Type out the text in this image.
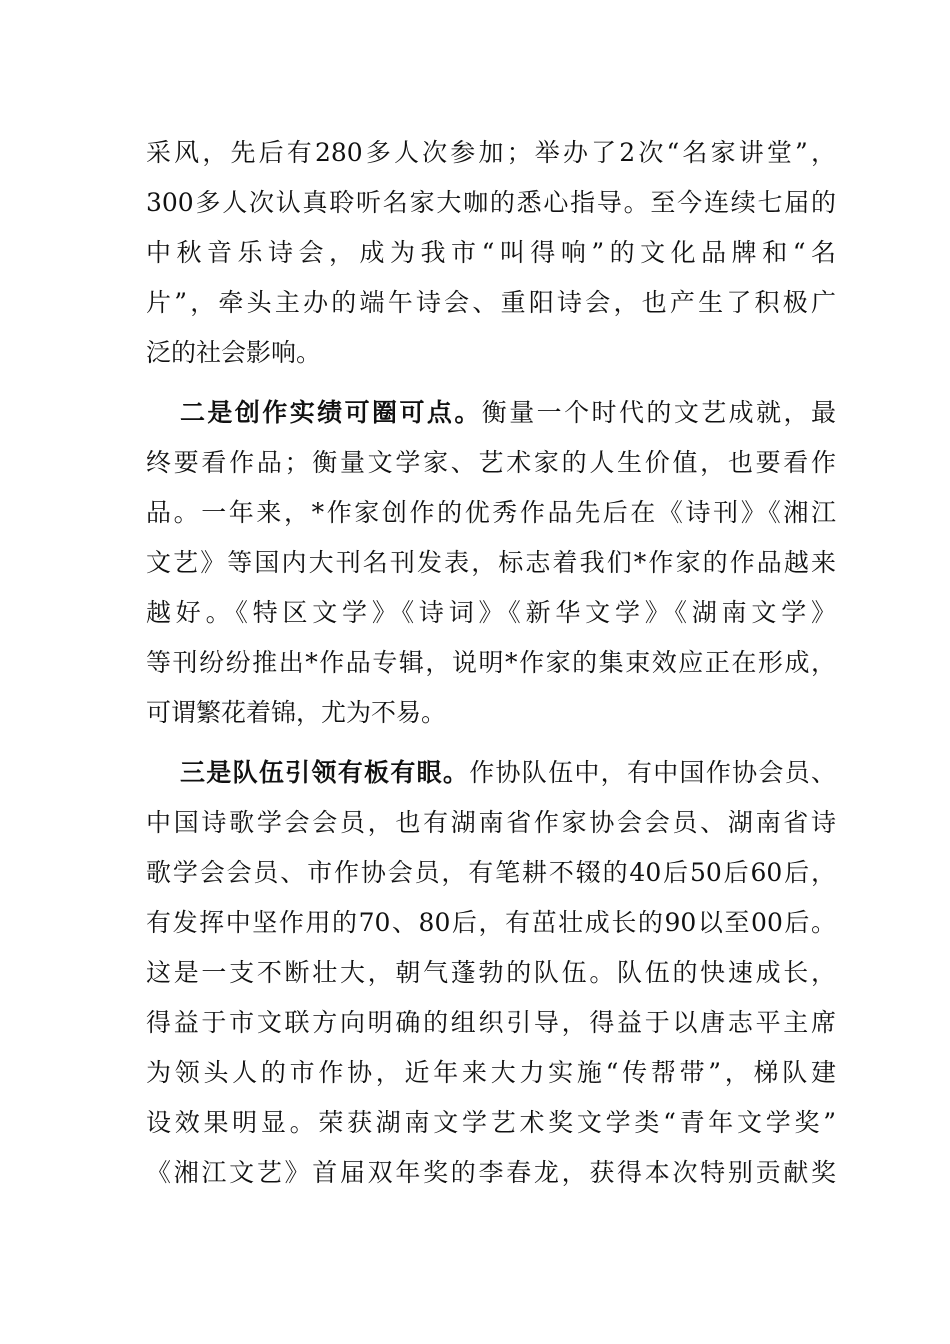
采风，先后有280多人次参加；举办了2次“名家讲堂”，
300多人次认真聆听名家大咖的悉心指导。至今连续七届的
中秋音乐诗会，成为我市“叫得响”的文化品牌和“名
片”，牵头主办的端午诗会、重阳诗会，也产生了积极广
泛的社会影响。
二是创作实绩可圈可点。衡量一个时代的文艺成就，最
终要看作品；衡量文学家、艺术家的人生价值，也要看作
品。一年来，*作家创作的优秀作品先后在《诗刊》《湘江
文艺》等国内大刊名刊发表，标志着我们*作家的作品越来
越好。《特区文学》《诗词》《新华文学》《湖南文学》
等刊纷纷推出*作品专辑，说明*作家的集束效应正在形成，
可谓繁花着锦，尤为不易。
三是队伍引领有板有眼。作协队伍中，有中国作协会员、
中国诗歌学会会员，也有湖南省作家协会会员、湖南省诗
歌学会会员、市作协会员，有笔耕不辍的40后50后60后，
有发挥中坚作用的70、80后，有茁壮成长的90以至00后。
这是一支不断壮大，朝气蓬勃的队伍。队伍的快速成长，
得益于市文联方向明确的组织引导，得益于以唐志平主席
为领头人的市作协，近年来大力实施“传帮带”，梯队建
设效果明显。荣获湖南文学艺术奖文学类“青年文学奖”
《湘江文艺》首届双年奖的李春龙，获得本次特别贡献奖
